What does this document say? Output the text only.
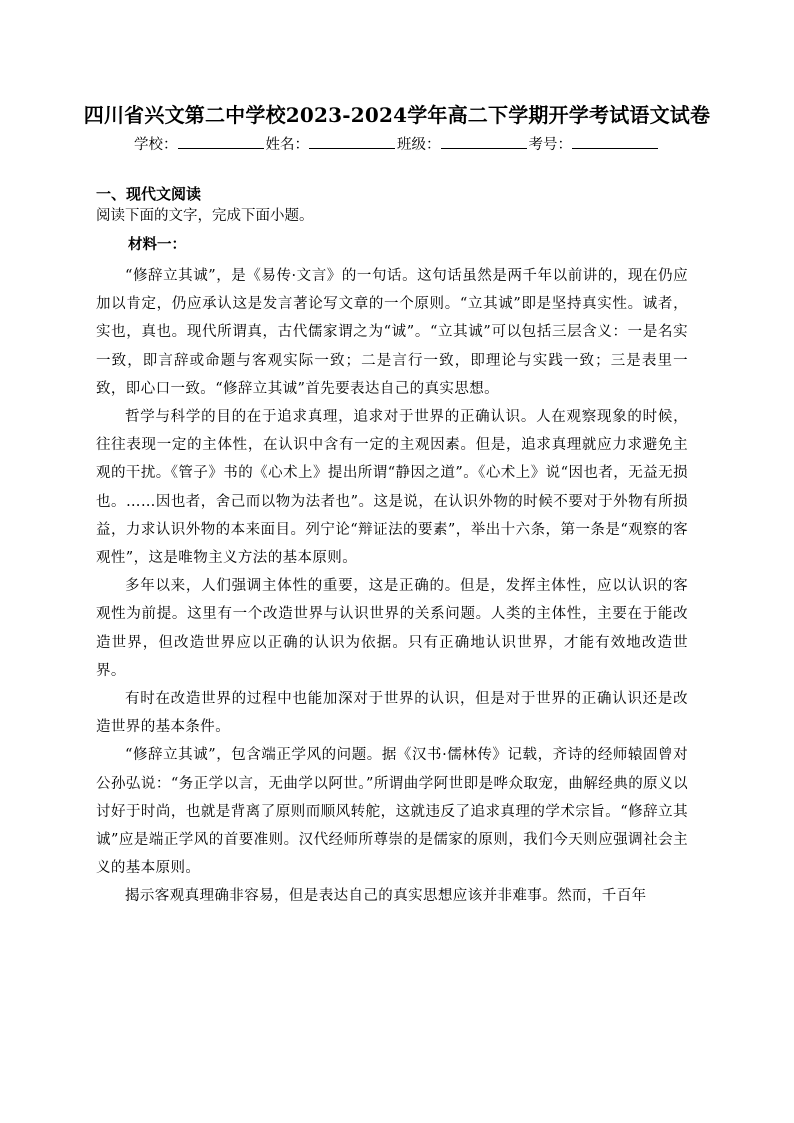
四川省兴文第二中学校2023-2024学年高二下学期开学考试语文试卷
学校：	姓名：	班级：	考号：
一、现代文阅读
阅读下面的文字，完成下面小题。
材料一：

“修辞立其诚”，是《易传·文言》的一句话。这句话虽然是两千年以前讲的，现在仍应加以肯定，仍应承认这是发言著论写文章的一个原则。“立其诚”即是坚持真实性。诚者，实也，真也。现代所谓真，古代儒家谓之为“诚”。“立其诚”可以包括三层含义：一是名实一致，即言辞或命题与客观实际一致；二是言行一致，即理论与实践一致；三是表里一致，即心口一致。“修辞立其诚”首先要表达自己的真实思想。

哲学与科学的目的在于追求真理，追求对于世界的正确认识。人在观察现象的时候，往往表现一定的主体性，在认识中含有一定的主观因素。但是，追求真理就应力求避免主观的干扰。《管子》书的《心术上》提出所谓“静因之道”。《心术上》说“因也者，无益无损也。……因也者，舍己而以物为法者也”。这是说，在认识外物的时候不要对于外物有所损益，力求认识外物的本来面目。列宁论“辩证法的要素”，举出十六条，第一条是“观察的客观性”，这是唯物主义方法的基本原则。

多年以来，人们强调主体性的重要，这是正确的。但是，发挥主体性，应以认识的客观性为前提。这里有一个改造世界与认识世界的关系问题。人类的主体性，主要在于能改造世界，但改造世界应以正确的认识为依据。只有正确地认识世界，才能有效地改造世界。

有时在改造世界的过程中也能加深对于世界的认识，但是对于世界的正确认识还是改造世界的基本条件。

“修辞立其诚”，包含端正学风的问题。据《汉书·儒林传》记载，齐诗的经师辕固曾对公孙弘说：“务正学以言，无曲学以阿世。”所谓曲学阿世即是哗众取宠，曲解经典的原义以讨好于时尚，也就是背离了原则而顺风转舵，这就违反了追求真理的学术宗旨。“修辞立其诚”应是端正学风的首要准则。汉代经师所尊崇的是儒家的原则，我们今天则应强调社会主义的基本原则。

揭示客观真理确非容易，但是表达自己的真实思想应该并非难事。然而，千百年
